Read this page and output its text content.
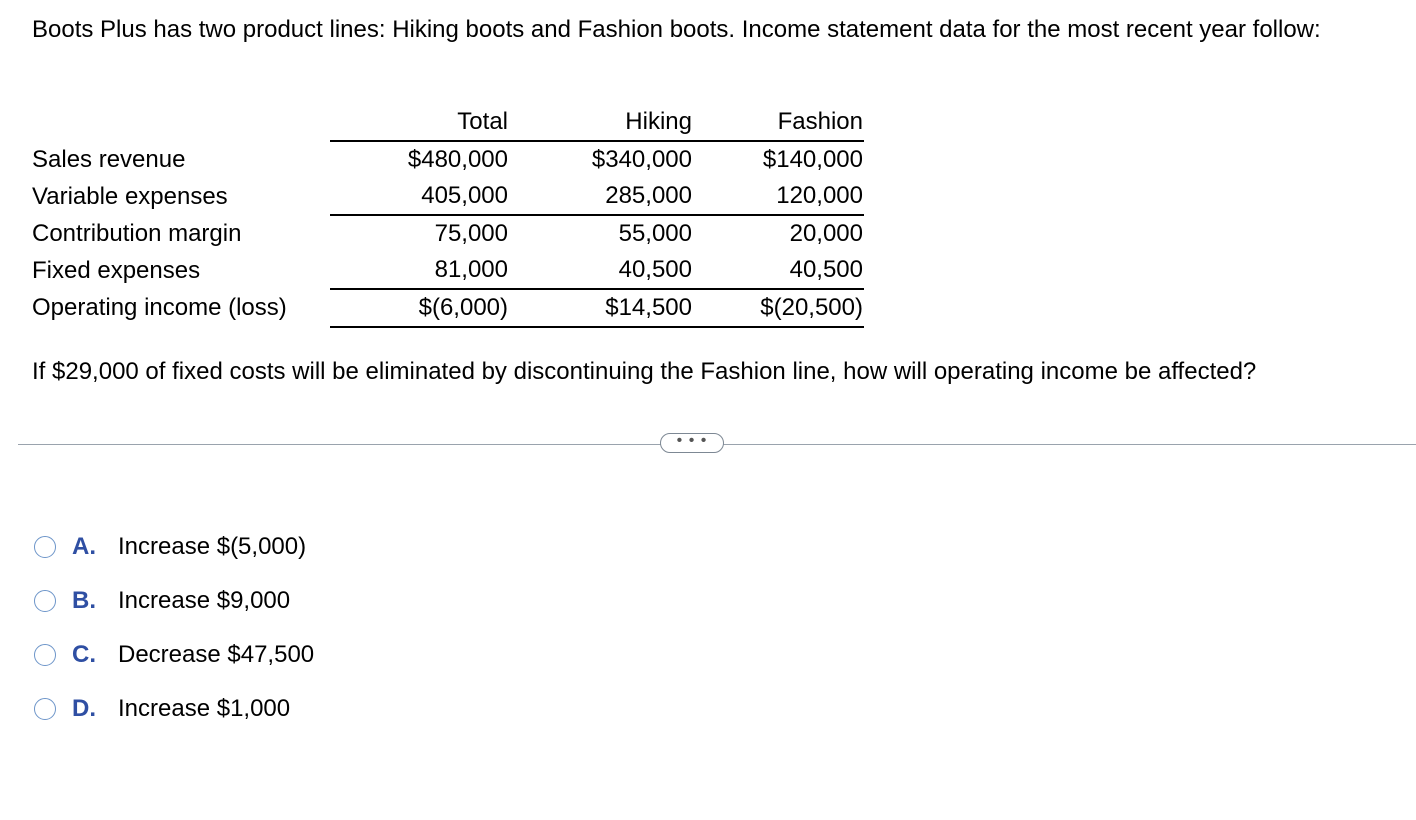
Boots Plus has two product lines: Hiking boots and Fashion boots. Income statement data for the most recent year follow:

	Total	Hiking	Fashion
Sales revenue	$480,000	$340,000	$140,000
Variable expenses	405,000	285,000	120,000
Contribution margin	75,000	55,000	20,000
Fixed expenses	81,000	40,500	40,500
Operating income (loss)	$(6,000)	$14,500	$(20,500)

If $29,000 of fixed costs will be eliminated by discontinuing the Fashion line, how will operating income be affected?

• • •
A. Increase $(5,000)
B. Increase $9,000
C. Decrease $47,500
D. Increase $1,000
